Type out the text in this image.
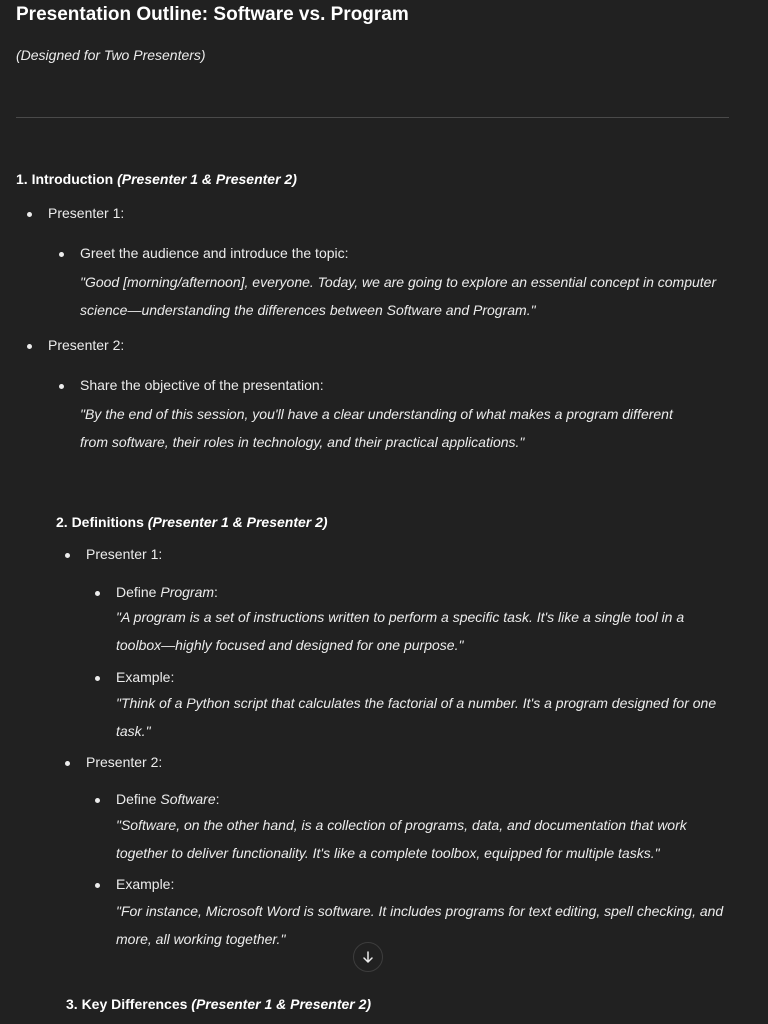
Presentation Outline: Software vs. Program
(Designed for Two Presenters)
1. Introduction (Presenter 1 & Presenter 2)
Presenter 1:
Greet the audience and introduce the topic:
"Good [morning/afternoon], everyone. Today, we are going to explore an essential concept in computer science—understanding the differences between Software and Program."
Presenter 2:
Share the objective of the presentation:
"By the end of this session, you'll have a clear understanding of what makes a program different from software, their roles in technology, and their practical applications."
2. Definitions (Presenter 1 & Presenter 2)
Presenter 1:
Define Program:
"A program is a set of instructions written to perform a specific task. It's like a single tool in a toolbox—highly focused and designed for one purpose."
Example:
"Think of a Python script that calculates the factorial of a number. It's a program designed for one task."
Presenter 2:
Define Software:
"Software, on the other hand, is a collection of programs, data, and documentation that work together to deliver functionality. It's like a complete toolbox, equipped for multiple tasks."
Example:
"For instance, Microsoft Word is software. It includes programs for text editing, spell checking, and more, all working together."
3. Key Differences (Presenter 1 & Presenter 2)
